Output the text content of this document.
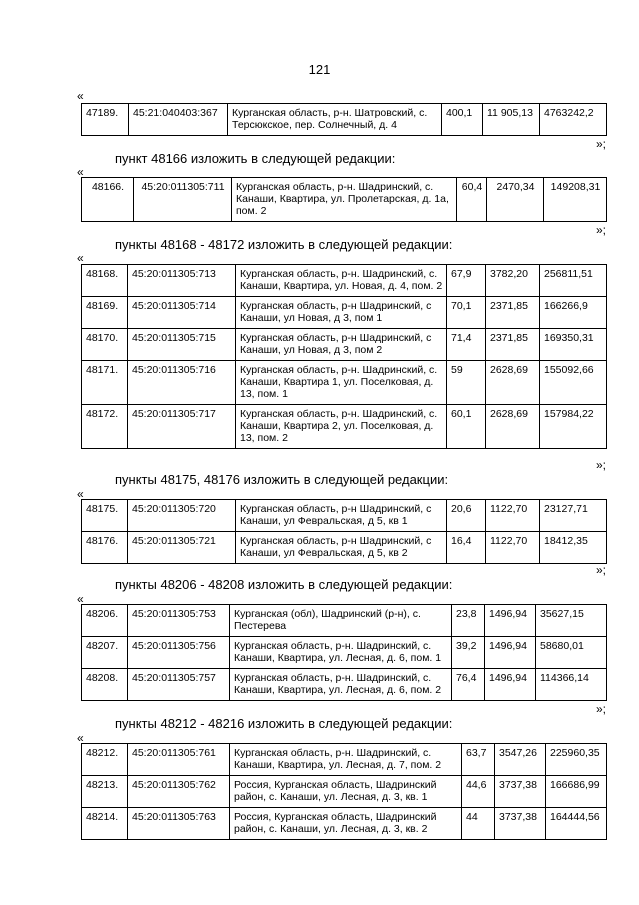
121
«
47189.	45:21:040403:367	Курганская область, р-н. Шатровский, с. Терсюкское, пер. Солнечный, д. 4	400,1	11 905,13	4763242,2
»;
пункт 48166 изложить в следующей редакции:
«
48166.	45:20:011305:711	Курганская область, р-н. Шадринский, с. Канаши, Квартира, ул. Пролетарская, д. 1а, пом. 2	60,4	2470,34	149208,31
»;
пункты 48168 - 48172 изложить в следующей редакции:
«
48168.	45:20:011305:713	Курганская область, р-н. Шадринский, с. Канаши, Квартира, ул. Новая, д. 4, пом. 2	67,9	3782,20	256811,51
48169.	45:20:011305:714	Курганская область, р-н Шадринский, с Канаши, ул Новая, д 3, пом 1	70,1	2371,85	166266,9
48170.	45:20:011305:715	Курганская область, р-н Шадринский, с Канаши, ул Новая, д 3, пом 2	71,4	2371,85	169350,31
48171.	45:20:011305:716	Курганская область, р-н. Шадринский, с. Канаши, Квартира 1, ул. Поселковая, д. 13, пом. 1	59	2628,69	155092,66
48172.	45:20:011305:717	Курганская область, р-н. Шадринский, с. Канаши, Квартира 2, ул. Поселковая, д. 13, пом. 2	60,1	2628,69	157984,22
»;
пункты 48175, 48176 изложить в следующей редакции:
«
48175.	45:20:011305:720	Курганская область, р-н Шадринский, с Канаши, ул Февральская, д 5, кв 1	20,6	1122,70	23127,71
48176.	45:20:011305:721	Курганская область, р-н Шадринский, с Канаши, ул Февральская, д 5, кв 2	16,4	1122,70	18412,35
»;
пункты 48206 - 48208 изложить в следующей редакции:
«
48206.	45:20:011305:753	Курганская (обл), Шадринский (р-н), с. Пестерева	23,8	1496,94	35627,15
48207.	45:20:011305:756	Курганская область, р-н. Шадринский, с. Канаши, Квартира, ул. Лесная, д. 6, пом. 1	39,2	1496,94	58680,01
48208.	45:20:011305:757	Курганская область, р-н. Шадринский, с. Канаши, Квартира, ул. Лесная, д. 6, пом. 2	76,4	1496,94	114366,14
»;
пункты 48212 - 48216 изложить в следующей редакции:
«
48212.	45:20:011305:761	Курганская область, р-н. Шадринский, с. Канаши, Квартира, ул. Лесная, д. 7, пом. 2	63,7	3547,26	225960,35
48213.	45:20:011305:762	Россия, Курганская область, Шадринский район, с. Канаши, ул. Лесная, д. 3, кв. 1	44,6	3737,38	166686,99
48214.	45:20:011305:763	Россия, Курганская область, Шадринский район, с. Канаши, ул. Лесная, д. 3, кв. 2	44	3737,38	164444,56
